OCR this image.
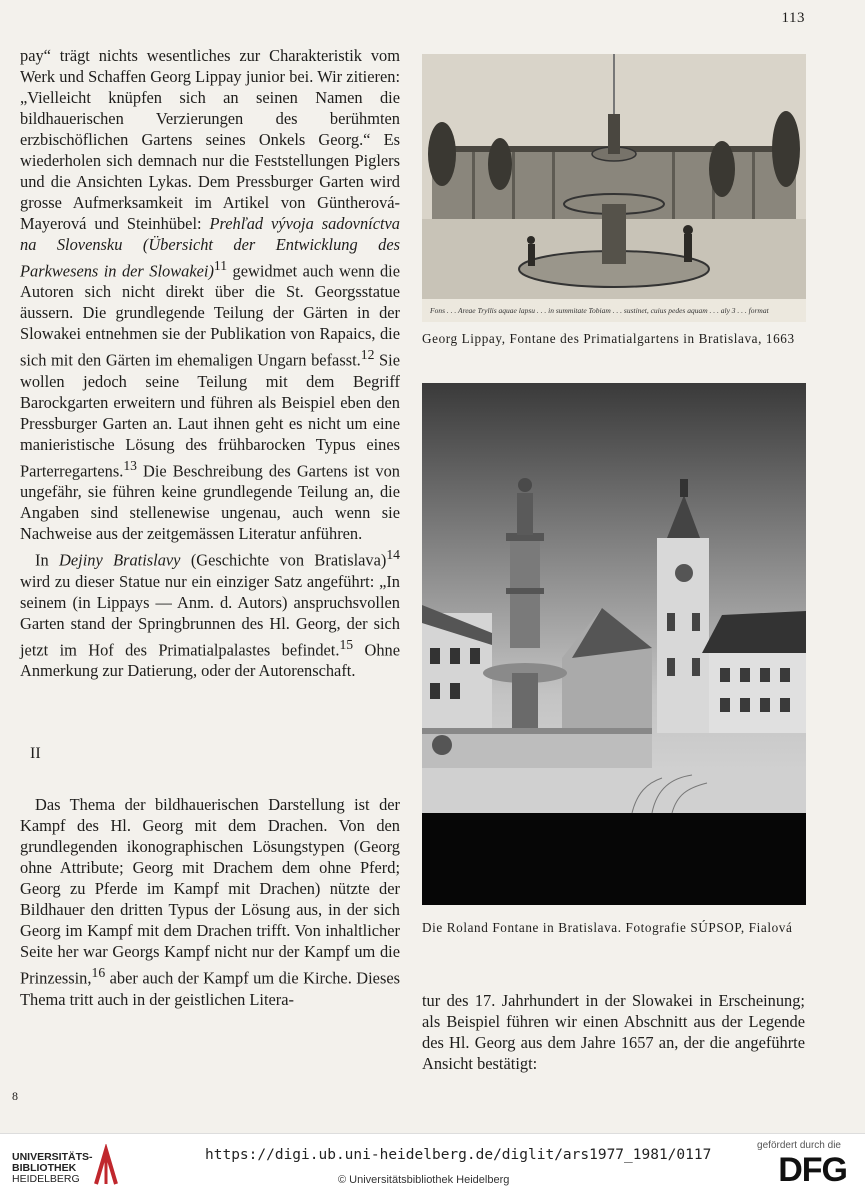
113

pay“ trägt nichts wesentliches zur Charakteristik vom Werk und Schaffen Georg Lippay junior bei. Wir zitieren: „Vielleicht knüpfen sich an seinen Namen die bildhauerischen Verzierungen des berühmten erzbischöflichen Gartens seines Onkels Georg.“ Es wiederholen sich demnach nur die Feststellungen Piglers und die Ansichten Lykas. Dem Pressburger Garten wird grosse Aufmerksamkeit im Artikel von Güntherová-Mayerová und Steinhübel: Prehľad vývoja sadovníctva na Slovensku (Übersicht der Entwicklung des Parkwesens in der Slowakei)$^{11}$ gewidmet auch wenn die Autoren sich nicht direkt über die St. Georgsstatue äussern. Die grundlegende Teilung der Gärten in der Slowakei entnehmen sie der Publikation von Rapaics, die sich mit den Gärten im ehemaligen Ungarn befasst.$^{12}$ Sie wollen jedoch seine Teilung mit dem Begriff Barockgarten erweitern und führen als Beispiel eben den Pressburger Garten an. Laut ihnen geht es nicht um eine manieristische Lösung des frühbarocken Typus eines Parterregartens.$^{13}$ Die Beschreibung des Gartens ist von ungefähr, sie führen keine grundlegende Teilung an, die Angaben sind stellenewise ungenau, auch wenn sie Nachweise aus der zeitgemässen Literatur anführen.

In Dejiny Bratislavy (Geschichte von Bratislava)$^{14}$ wird zu dieser Statue nur ein einziger Satz angeführt: „In seinem (in Lippays — Anm. d. Autors) anspruchsvollen Garten stand der Springbrunnen des Hl. Georg, der sich jetzt im Hof des Primatialpalastes befindet.$^{15}$ Ohne Anmerkung zur Datierung, oder der Autorenschaft.

II

Das Thema der bildhauerischen Darstellung ist der Kampf des Hl. Georg mit dem Drachen. Von den grundlegenden ikonographischen Lösungstypen (Georg ohne Attribute; Georg mit Drachem dem ohne Pferd; Georg zu Pferde im Kampf mit Drachen) nützte der Bildhauer den dritten Typus der Lösung aus, in der sich Georg im Kampf mit dem Drachen trifft. Von inhaltlicher Seite her war Georgs Kampf nicht nur der Kampf um die Prinzessin,$^{16}$ aber auch der Kampf um die Kirche. Dieses Thema tritt auch in der geistlichen Litera-

Fons . . . Areae Tryllis aquae lapsu . . . in summitate Tobiam . . . sustinet, cuius pedes aquam . . . aly 3 . . . format
Georg Lippay, Fontane des Primatialgartens in Bratislava, 1663
Die Roland Fontane in Bratislava. Fotografie SÚPSOP, Fialová
tur des 17. Jahrhundert in der Slowakei in Erscheinung; als Beispiel führen wir einen Abschnitt aus der Legende des Hl. Georg aus dem Jahre 1657 an, der die angeführte Ansicht bestätigt:
8
UNIVERSITÄTS-
BIBLIOTHEK
HEIDELBERG
https://digi.ub.uni-heidelberg.de/diglit/ars1977_1981/0117
© Universitätsbibliothek Heidelberg
gefördert durch die
DFG
